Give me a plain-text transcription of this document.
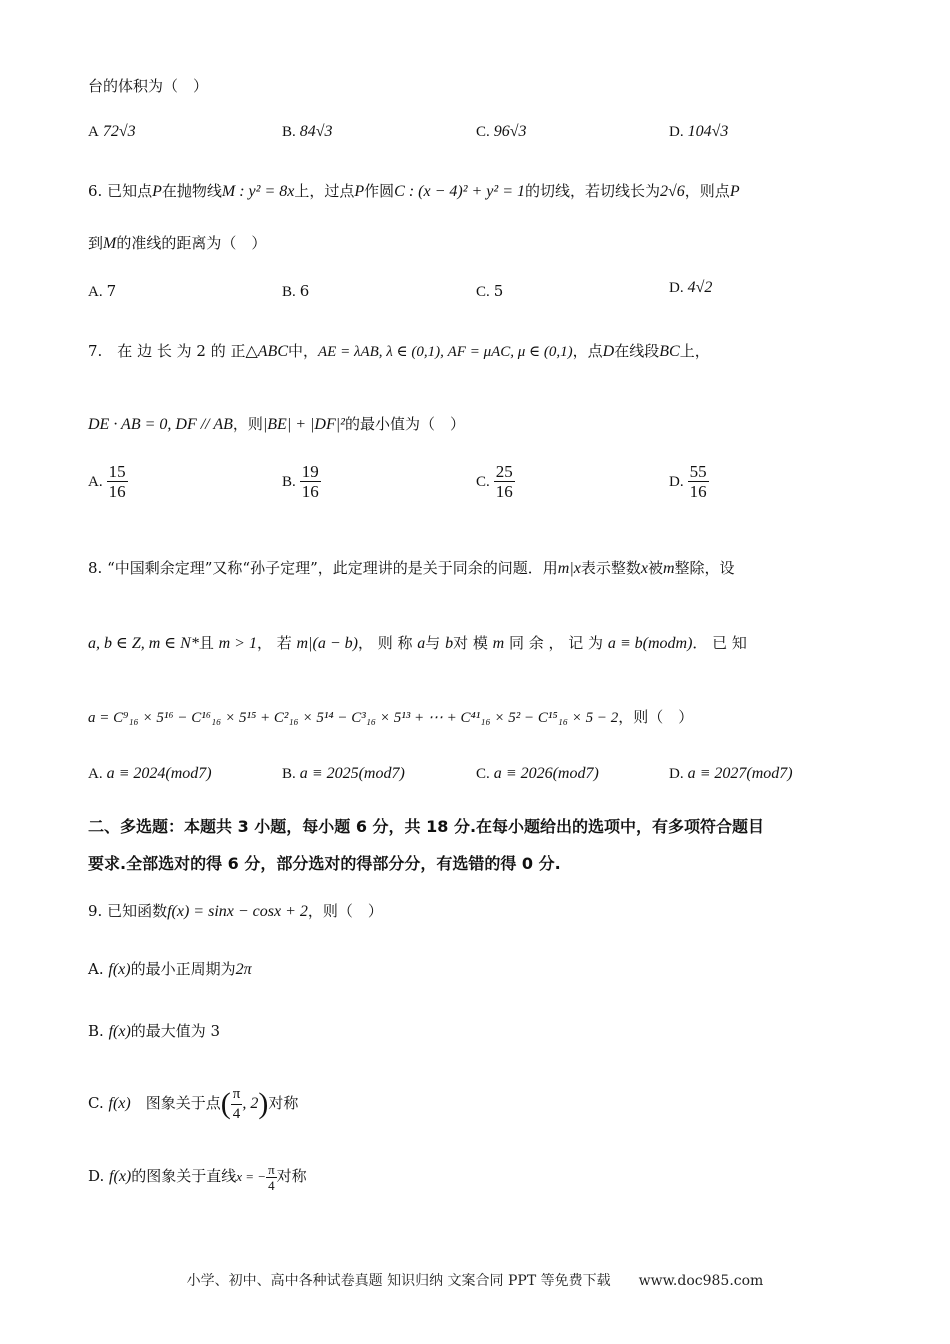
台的体积为（　）
A 72√3	B. 84√3	C. 96√3	D. 104√3
6. 已知点P在抛物线M : y² = 8x上，过点P作圆C : (x − 4)² + y² = 1的切线，若切线长为2√6，则点P
到M的准线的距离为（　）
A. 7	B. 6	C. 5	D. 4√2
7.　在 边 长 为 2 的 正△ABC中，AE = λAB, λ ∈ (0,1), AF = μAC, μ ∈ (0,1)，点D在线段BC上，
DE · AB = 0, DF // AB，则|BE| + |DF|²的最小值为（　）
A. $\frac{15}{16}$	B. $\frac{19}{16}$	C. $\frac{25}{16}$	D. $\frac{55}{16}$
8. “中国剩余定理”又称“孙子定理”，此定理讲的是关于同余的问题．用m|x表示整数x被m整除，设
a, b ∈ Z, m ∈ N*且 m > 1， 若 m|(a − b)， 则 称 a与 b对 模 m 同 余 ， 记 为 a ≡ b(modm)． 已 知
a = C⁹₁₆ × 5¹⁶ − C¹⁶₁₆ × 5¹⁵ + C²₁₆ × 5¹⁴ − C³₁₆ × 5¹³ + ⋯ + C⁴¹₁₆ × 5² − C¹⁵₁₆ × 5 − 2，则（　）
A. a ≡ 2024(mod7)	B. a ≡ 2025(mod7)	C. a ≡ 2026(mod7)	D. a ≡ 2027(mod7)
二、多选题：本题共 3 小题，每小题 6 分，共 18 分.在每小题给出的选项中，有多项符合题目
要求.全部选对的得 6 分，部分选对的得部分分，有选错的得 0 分.
9. 已知函数f(x) = sinx − cosx + 2，则（　）
A. f(x)的最小正周期为2π
B. f(x)的最大值为 3
C. f(x)　 图象关于点( $\frac{\pi}{4}$ , 2)对称
D. f(x)的图象关于直线x = − $\frac{\pi}{4}$ 对称
小学、初中、高中各种试卷真题 知识归纳 文案合同 PPT 等免费下载　　www.doc985.com
